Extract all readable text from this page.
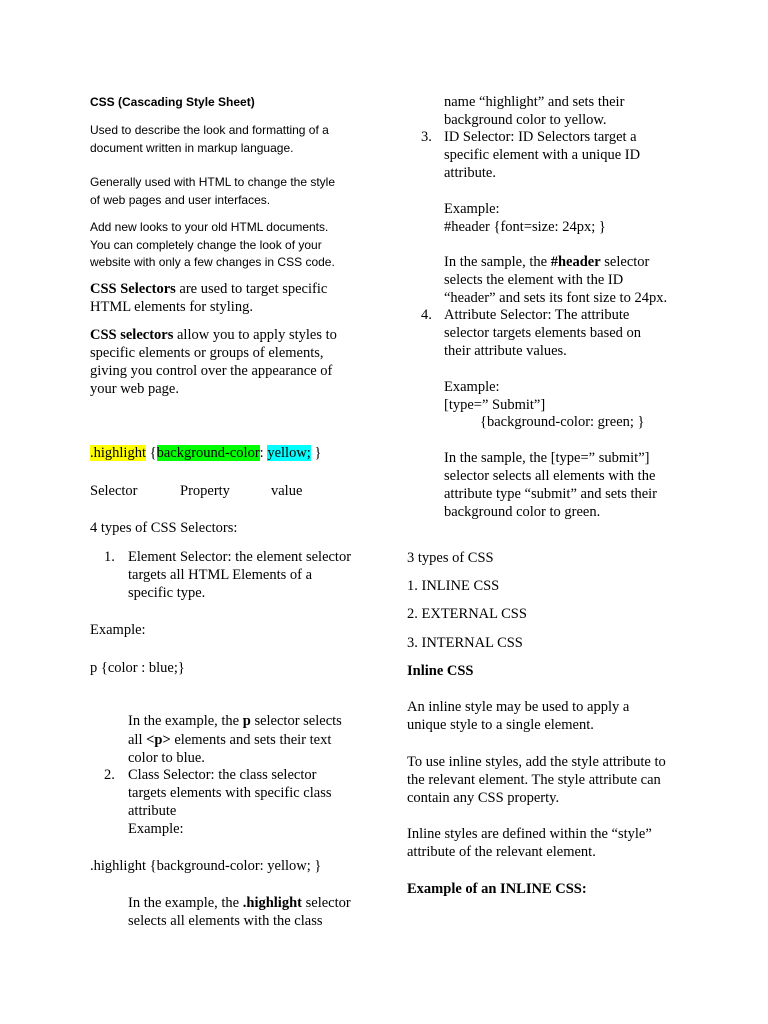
CSS (Cascading Style Sheet)
Used to describe the look and formatting of a
document written in markup language.
Generally used with HTML to change the style
of web pages and user interfaces.
Add new looks to your old HTML documents.
You can completely change the look of your
website with only a few changes in CSS code.
CSS Selectors are used to target specific
HTML elements for styling.
CSS selectors allow you to apply styles to
specific elements or groups of elements,
giving you control over the appearance of
your web page.
.highlight {background-color: yellow; }
Selector	Property	value
4 types of CSS Selectors:
1. Element Selector: the element selector
targets all HTML Elements of a
specific type.
Example:
p {color : blue;}
In the example, the p selector selects
all <p> elements and sets their text
color to blue.
2. Class Selector: the class selector
targets elements with specific class
attribute
Example:
.highlight {background-color: yellow; }
In the example, the .highlight selector
selects all elements with the class
name “highlight” and sets their
background color to yellow.
3. ID Selector: ID Selectors target a
specific element with a unique ID
attribute.
Example:
#header {font=size: 24px; }
In the sample, the #header selector
selects the element with the ID
“header” and sets its font size to 24px.
4. Attribute Selector: The attribute
selector targets elements based on
their attribute values.
Example:
[type=” Submit”]
{background-color: green; }
In the sample, the [type=” submit”]
selector selects all elements with the
attribute type “submit” and sets their
background color to green.
3 types of CSS
1. INLINE CSS
2. EXTERNAL CSS
3. INTERNAL CSS
Inline CSS
An inline style may be used to apply a
unique style to a single element.
To use inline styles, add the style attribute to
the relevant element. The style attribute can
contain any CSS property.
Inline styles are defined within the “style”
attribute of the relevant element.
Example of an INLINE CSS:
